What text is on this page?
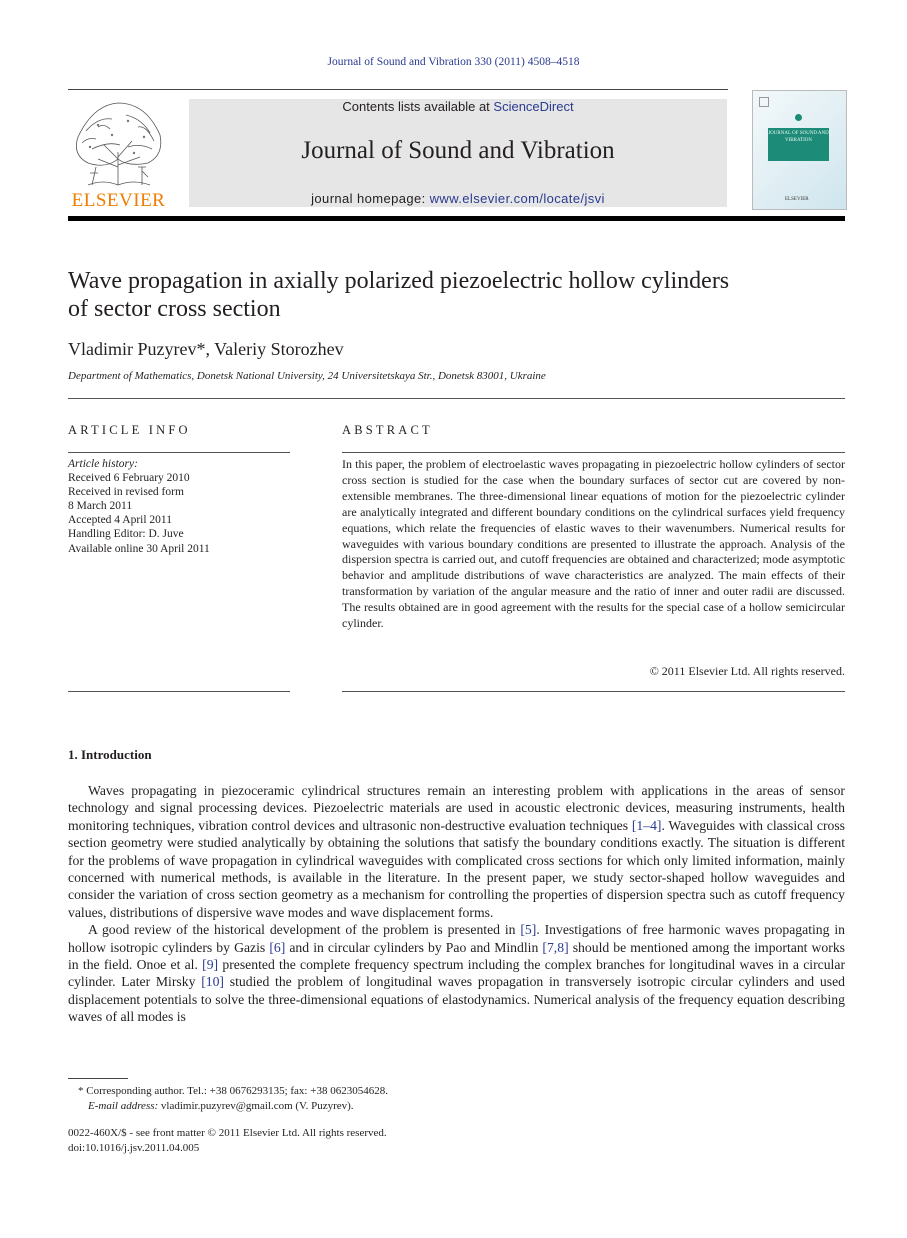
Journal of Sound and Vibration 330 (2011) 4508–4518
ELSEVIER
Contents lists available at ScienceDirect
Journal of Sound and Vibration
journal homepage: www.elsevier.com/locate/jsvi
JOURNAL OF SOUND AND VIBRATION
ELSEVIER
Wave propagation in axially polarized piezoelectric hollow cylinders
of sector cross section
Vladimir Puzyrev*, Valeriy Storozhev
Department of Mathematics, Donetsk National University, 24 Universitetskaya Str., Donetsk 83001, Ukraine
ARTICLE INFO	ABSTRACT
Article history:
Received 6 February 2010
Received in revised form
8 March 2011
Accepted 4 April 2011
Handling Editor: D. Juve
Available online 30 April 2011
In this paper, the problem of electroelastic waves propagating in piezoelectric hollow cylinders of sector cross section is studied for the case when the boundary surfaces of sector cut are covered by non-extensible membranes. The three-dimensional linear equations of motion for the piezoelectric cylinder are analytically integrated and different boundary conditions on the cylindrical surfaces yield frequency equations, which relate the frequencies of elastic waves to their wavenumbers. Numerical results for waveguides with various boundary conditions are presented to illustrate the approach. Analysis of the dispersion spectra is carried out, and cutoff frequencies are obtained and characterized; mode asymptotic behavior and amplitude distributions of wave characteristics are analyzed. The main effects of their transformation by variation of the angular measure and the ratio of inner and outer radii are discussed. The results obtained are in good agreement with the results for the special case of a hollow semicircular cylinder.
© 2011 Elsevier Ltd. All rights reserved.
1. Introduction

Waves propagating in piezoceramic cylindrical structures remain an interesting problem with applications in the areas of sensor technology and signal processing devices. Piezoelectric materials are used in acoustic electronic devices, measuring instruments, health monitoring techniques, vibration control devices and ultrasonic non-destructive evaluation techniques [1–4]. Waveguides with classical cross section geometry were studied analytically by obtaining the solutions that satisfy the boundary conditions exactly. The situation is different for the problems of wave propagation in cylindrical waveguides with complicated cross sections for which only limited information, mainly concerned with numerical methods, is available in the literature. In the present paper, we study sector-shaped hollow waveguides and consider the variation of cross section geometry as a mechanism for controlling the properties of dispersion spectra such as cutoff frequency values, distributions of dispersive wave modes and wave displacement forms.

A good review of the historical development of the problem is presented in [5]. Investigations of free harmonic waves propagating in hollow isotropic cylinders by Gazis [6] and in circular cylinders by Pao and Mindlin [7,8] should be mentioned among the important works in the field. Onoe et al. [9] presented the complete frequency spectrum including the complex branches for longitudinal waves in a circular cylinder. Later Mirsky [10] studied the problem of longitudinal waves propagation in transversely isotropic circular cylinders and used displacement potentials to solve the three-dimensional equations of elastodynamics. Numerical analysis of the frequency equation describing waves of all modes is

* Corresponding author. Tel.: +38 0676293135; fax: +38 0623054628.
E-mail address: vladimir.puzyrev@gmail.com (V. Puzyrev).
0022-460X/$ - see front matter © 2011 Elsevier Ltd. All rights reserved.
doi:10.1016/j.jsv.2011.04.005
